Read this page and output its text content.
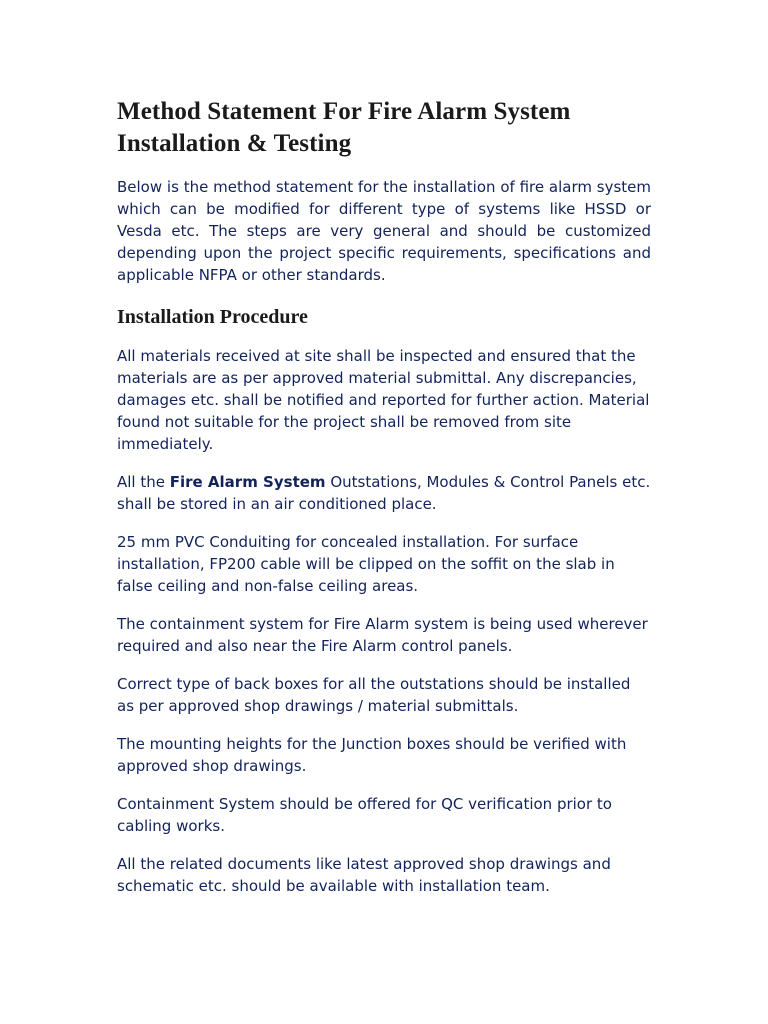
Method Statement For Fire Alarm System Installation & Testing

Below is the method statement for the installation of fire alarm system which can be modified for different type of systems like HSSD or Vesda etc. The steps are very general and should be customized depending upon the project specific requirements, specifications and applicable NFPA or other standards.

Installation Procedure

All materials received at site shall be inspected and ensured that the materials are as per approved material submittal. Any discrepancies, damages etc. shall be notified and reported for further action. Material found not suitable for the project shall be removed from site immediately.

All the Fire Alarm System Outstations, Modules & Control Panels etc. shall be stored in an air conditioned place.

25 mm PVC Conduiting for concealed installation. For surface installation, FP200 cable will be clipped on the soffit on the slab in false ceiling and non-false ceiling areas.

The containment system for Fire Alarm system is being used wherever required and also near the Fire Alarm control panels.

Correct type of back boxes for all the outstations should be installed as per approved shop drawings / material submittals.

The mounting heights for the Junction boxes should be verified with approved shop drawings.

Containment System should be offered for QC verification prior to cabling works.

All the related documents like latest approved shop drawings and schematic etc. should be available with installation team.
